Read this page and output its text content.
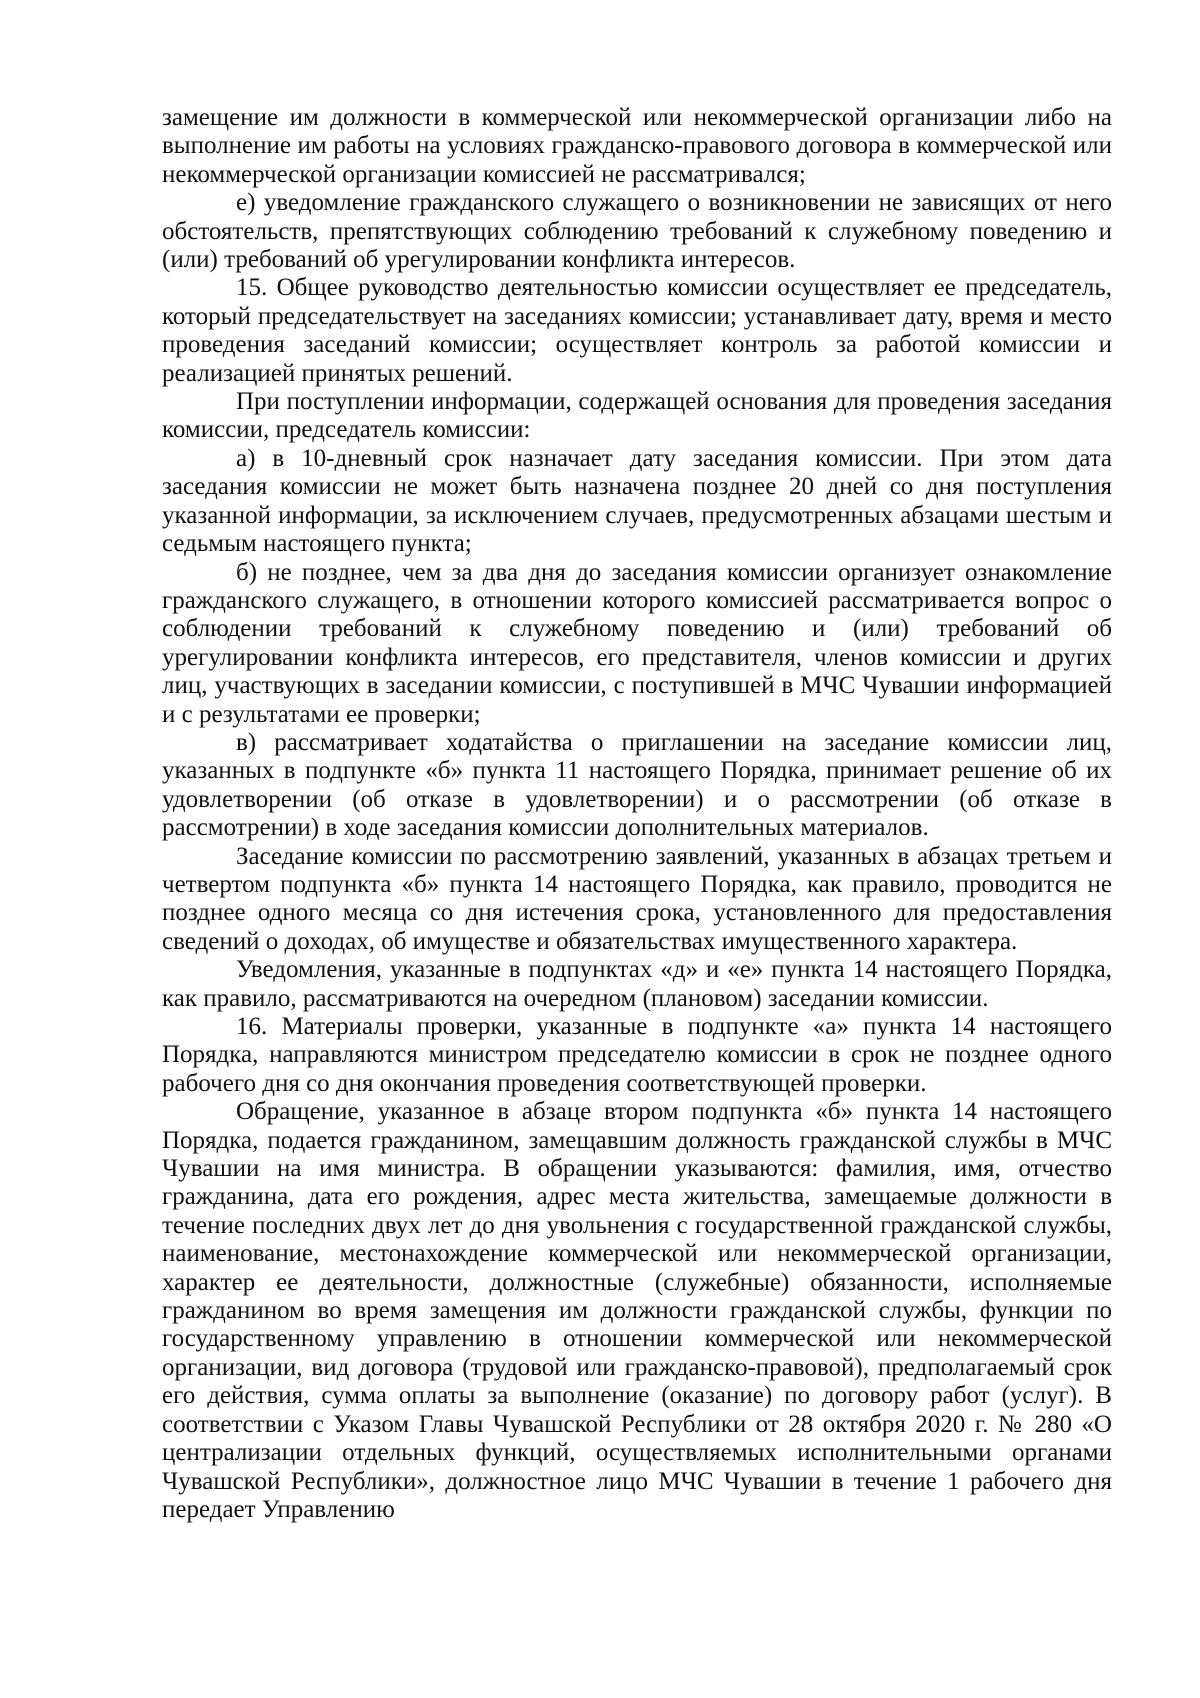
замещение им должности в коммерческой или некоммерческой организации либо на выполнение им работы на условиях гражданско-правового договора в коммерческой или некоммерческой организации комиссией не рассматривался;

е) уведомление гражданского служащего о возникновении не зависящих от него обстоятельств, препятствующих соблюдению требований к служебному поведению и (или) требований об урегулировании конфликта интересов.

15. Общее руководство деятельностью комиссии осуществляет ее председатель, который председательствует на заседаниях комиссии; устанавливает дату, время и место проведения заседаний комиссии; осуществляет контроль за работой комиссии и реализацией принятых решений.

При поступлении информации, содержащей основания для проведения заседания комиссии, председатель комиссии:

а) в 10-дневный срок назначает дату заседания комиссии. При этом дата заседания комиссии не может быть назначена позднее 20 дней со дня поступления указанной информации, за исключением случаев, предусмотренных абзацами шестым и седьмым настоящего пункта;

б) не позднее, чем за два дня до заседания комиссии организует ознакомление гражданского служащего, в отношении которого комиссией рассматривается вопрос о соблюдении требований к служебному поведению и (или) требований об урегулировании конфликта интересов, его представителя, членов комиссии и других лиц, участвующих в заседании комиссии, с поступившей в МЧС Чувашии информацией и с результатами ее проверки;

в) рассматривает ходатайства о приглашении на заседание комиссии лиц, указанных в подпункте «б» пункта 11 настоящего Порядка, принимает решение об их удовлетворении (об отказе в удовлетворении) и о рассмотрении (об отказе в рассмотрении) в ходе заседания комиссии дополнительных материалов.

Заседание комиссии по рассмотрению заявлений, указанных в абзацах третьем и четвертом подпункта «б» пункта 14 настоящего Порядка, как правило, проводится не позднее одного месяца со дня истечения срока, установленного для предоставления сведений о доходах, об имуществе и обязательствах имущественного характера.

Уведомления, указанные в подпунктах «д» и «е» пункта 14 настоящего Порядка, как правило, рассматриваются на очередном (плановом) заседании комиссии.

16. Материалы проверки, указанные в подпункте «а» пункта 14 настоящего Порядка, направляются министром председателю комиссии в срок не позднее одного рабочего дня со дня окончания проведения соответствующей проверки.

Обращение, указанное в абзаце втором подпункта «б» пункта 14 настоящего Порядка, подается гражданином, замещавшим должность гражданской службы в МЧС Чувашии на имя министра. В обращении указываются: фамилия, имя, отчество гражданина, дата его рождения, адрес места жительства, замещаемые должности в течение последних двух лет до дня увольнения с государственной гражданской службы, наименование, местонахождение коммерческой или некоммерческой организации, характер ее деятельности, должностные (служебные) обязанности, исполняемые гражданином во время замещения им должности гражданской службы, функции по государственному управлению в отношении коммерческой или некоммерческой организации, вид договора (трудовой или гражданско-правовой), предполагаемый срок его действия, сумма оплаты за выполнение (оказание) по договору работ (услуг). В соответствии с Указом Главы Чувашской Республики от 28 октября 2020 г. № 280 «О централизации отдельных функций, осуществляемых исполнительными органами Чувашской Республики», должностное лицо МЧС Чувашии в течение 1 рабочего дня передает Управлению
